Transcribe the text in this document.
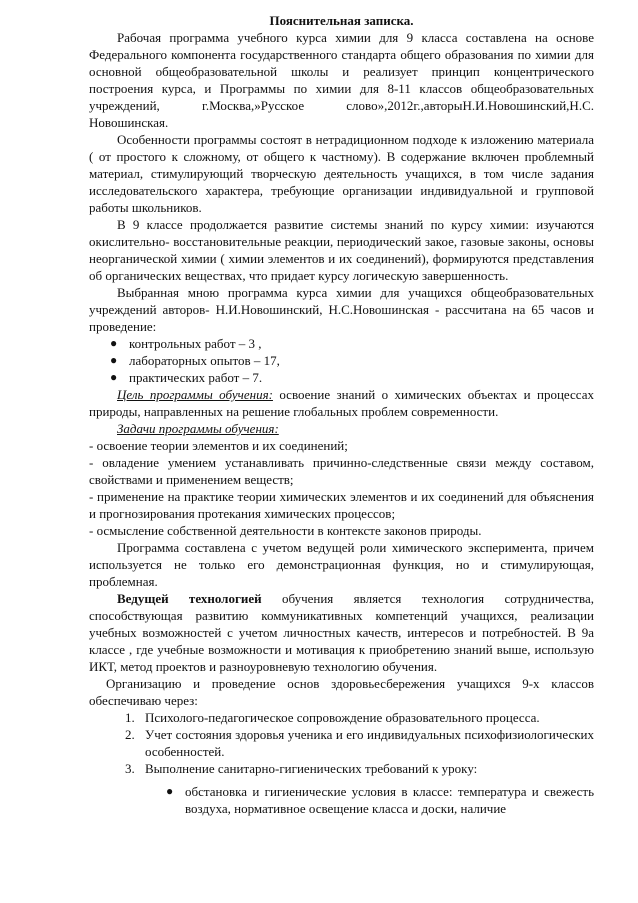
Пояснительная записка.

Рабочая программа учебного курса химии для 9 класса составлена на основе Федерального компонента государственного стандарта общего образования по химии для основной общеобразовательной школы и реализует принцип концентрического построения курса, и Программы по химии для 8-11 классов общеобразовательных учреждений, г.Москва,»Русское слово»,2012г.,авторыН.И.Новошинский,Н.С. Новошинская.

Особенности программы состоят в нетрадиционном подходе к изложению материала ( от простого к сложному, от общего к частному). В содержание включен проблемный материал, стимулирующий творческую деятельность учащихся, в том числе задания исследовательского характера, требующие организации индивидуальной и групповой работы школьников.

В 9 классе продолжается развитие системы знаний по курсу химии: изучаются окислительно- восстановительные реакции, периодический закое, газовые законы, основы неорганической химии ( химии элементов и их соединений), формируются представления об органических веществах, что придает курсу логическую завершенность.

Выбранная мною программа курса химии для учащихся общеобразовательных учреждений авторов- Н.И.Новошинский, Н.С.Новошинская - рассчитана на 65 часов и проведение:

● контрольных работ – 3 ,
● лабораторных опытов – 17,
● практических работ – 7.

Цель программы обучения: освоение знаний о химических объектах и процессах природы, направленных на решение глобальных проблем современности.

Задачи программы обучения:

- освоение теории элементов и их соединений;

- овладение умением устанавливать причинно-следственные связи между составом, свойствами и применением веществ;

- применение на практике теории химических элементов и их соединений для объяснения и прогнозирования протекания химических процессов;

- осмысление собственной деятельности в контексте законов природы.

Программа составлена с учетом ведущей роли химического эксперимента, причем используется не только его демонстрационная функция, но и стимулирующая, проблемная.

Ведущей технологией обучения является технология сотрудничества, способствующая развитию коммуникативных компетенций учащихся, реализации учебных возможностей с учетом личностных качеств, интересов и потребностей. В 9а классе , где учебные возможности и мотивация к приобретению знаний выше, использую ИКТ, метод проектов и разноуровневую технологию обучения.

Организацию и проведение основ здоровьесбережения учащихся 9-х классов обеспечиваю через:

1. Психолого-педагогическое сопровождение образовательного процесса.
2. Учет состояния здоровья ученика и его индивидуальных психофизиологических особенностей.
3. Выполнение санитарно-гигиенических требований к уроку:
● обстановка и гигиенические условия в классе: температура и свежесть воздуха, нормативное освещение класса и доски, наличие
